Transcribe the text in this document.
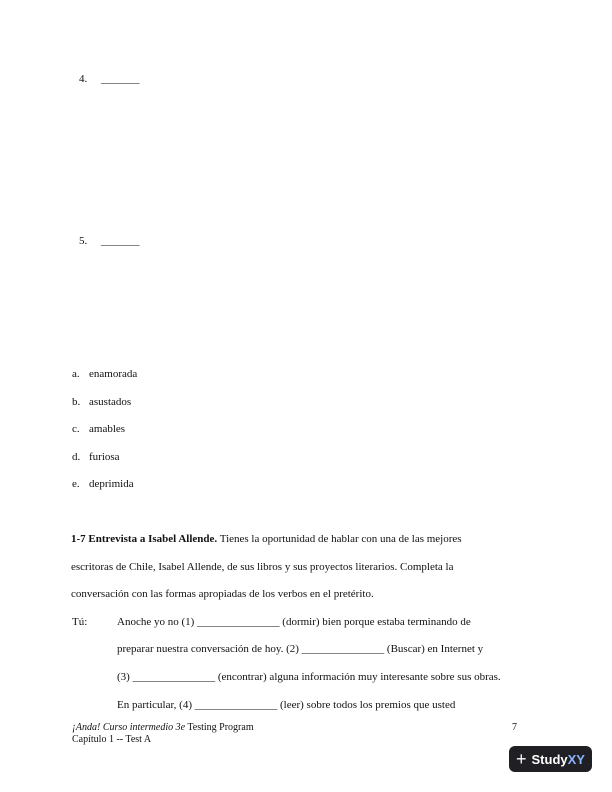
4. _______
5. _______
a. enamorada
b. asustados
c. amables
d. furiosa
e. deprimida
1-7 Entrevista a Isabel Allende. Tienes la oportunidad de hablar con una de las mejores
escritoras de Chile, Isabel Allende, de sus libros y sus proyectos literarios. Completa la
conversación con las formas apropiadas de los verbos en el pretérito.
Tú:	Anoche yo no (1) _______________ (dormir) bien porque estaba terminando de
preparar nuestra conversación de hoy. (2) _______________ (Buscar) en Internet y
(3) _______________ (encontrar) alguna información muy interesante sobre sus obras.
En particular, (4) _______________ (leer) sobre todos los premios que usted
¡Anda! Curso intermedio 3e Testing Program
Capítulo 1 -- Test A
7
+ Study XY
